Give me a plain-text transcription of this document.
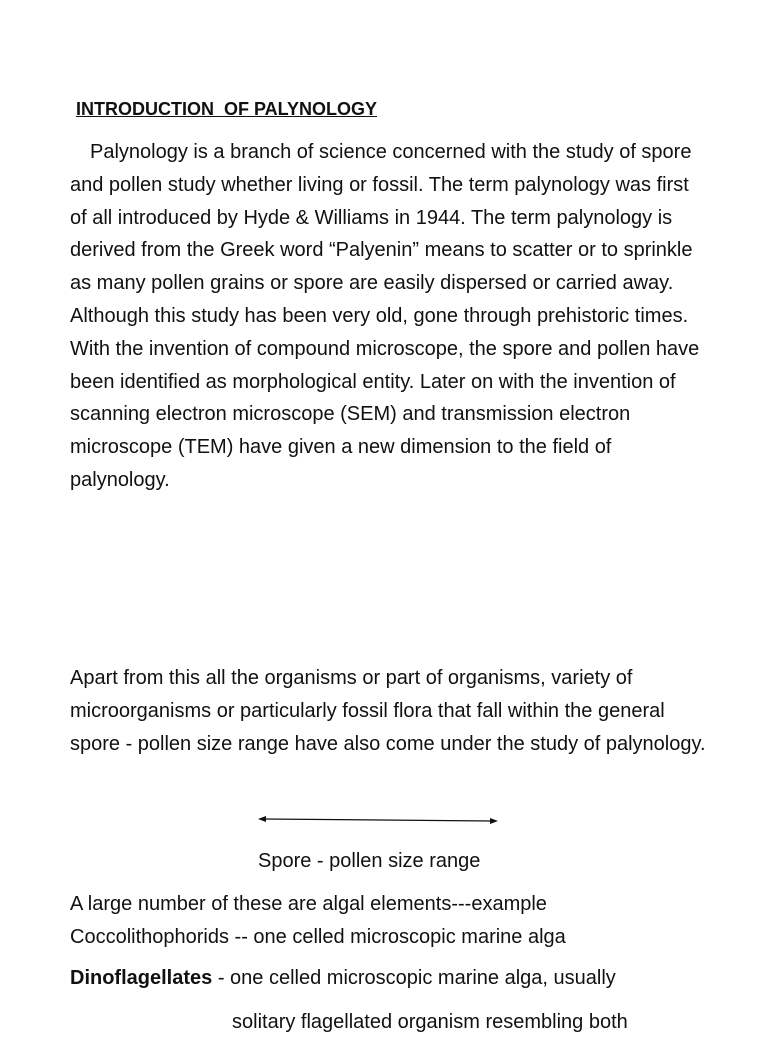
INTRODUCTION  OF PALYNOLOGY

Palynology is a branch of science concerned with the study of spore and pollen study whether living or fossil. The term palynology was first of all introduced by Hyde & Williams in 1944. The term palynology is derived from the Greek word “Palyenin” means to scatter or to sprinkle as many pollen grains or spore are easily dispersed or carried away. Although this study has been very old, gone through prehistoric times. With the invention of compound microscope, the spore and pollen have been identified as morphological entity. Later on with the invention of scanning electron microscope (SEM) and transmission electron microscope (TEM) have given a new dimension to the field of palynology.

Apart from this all the organisms or part of organisms, variety of microorganisms or particularly fossil flora that fall within the general spore - pollen size range have also come under the study of palynology.

Spore - pollen size range

A large number of these are algal elements---example Coccolithophorids -- one celled microscopic marine alga

Dinoflagellates - one celled microscopic marine alga, usually

solitary flagellated organism resembling both
